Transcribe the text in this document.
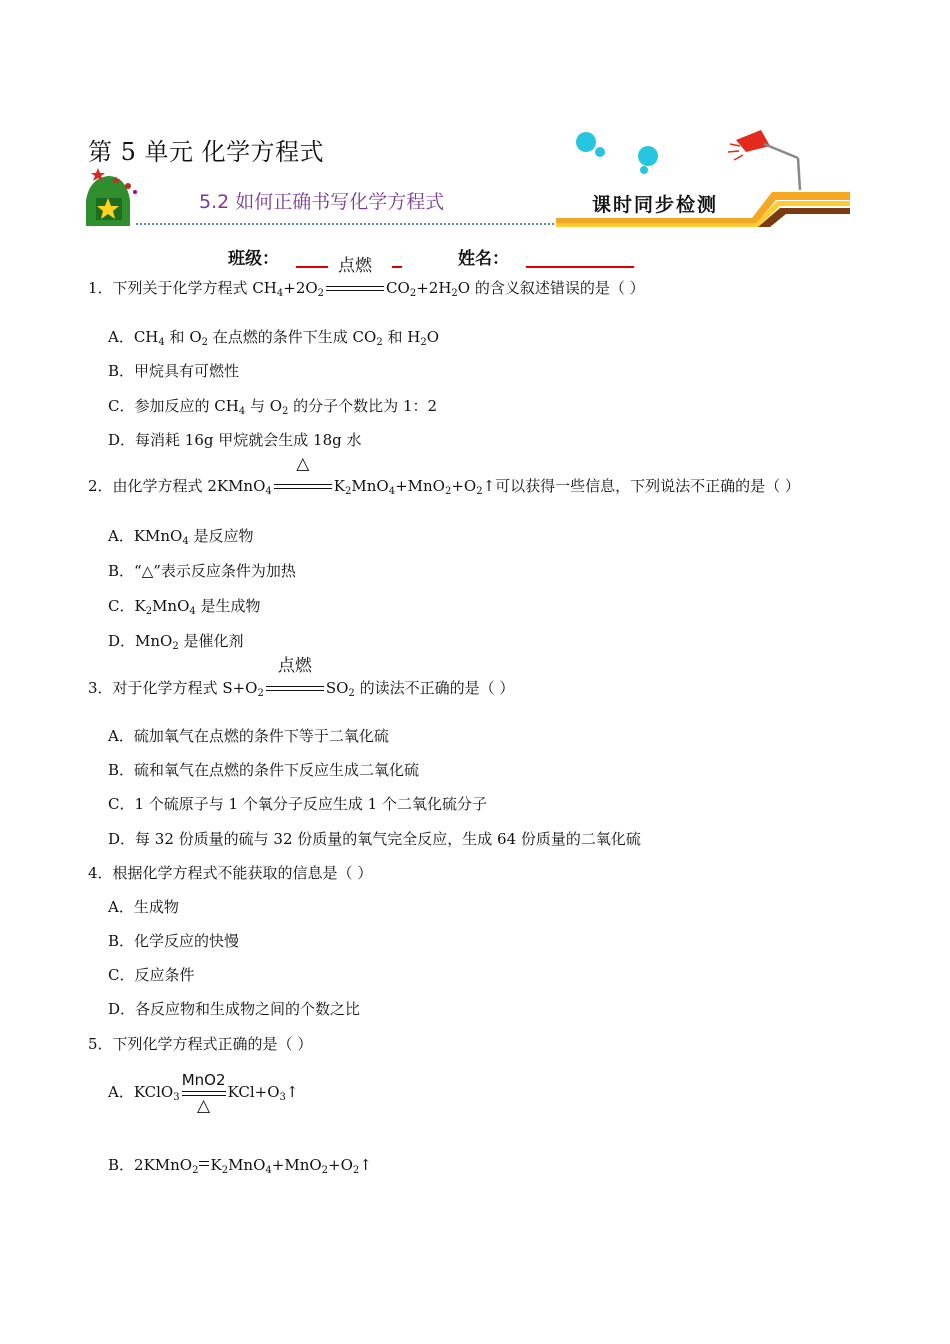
第 5 单元 化学方程式
5.2 如何正确书写化学方程式	课时同步检测
班级：	姓名：
1．下列关于化学方程式 $CH_4+2O_2$
点燃
$CO_2+2H_2O$ 的含义叙述错误的是（ ）
A．$CH_4$ 和 $O_2$ 在点燃的条件下生成 $CO_2$ 和 $H_2O$
B．甲烷具有可燃性
C．参加反应的 $CH_4$ 与 $O_2$ 的分子个数比为 1：2
D．每消耗 16g 甲烷就会生成 18g 水
2．由化学方程式 2KMnO$_4$
△
$K_2MnO_4+MnO_2+O_2↑$可以获得一些信息，下列说法不正确的是（ ）
A．KMnO$_4$ 是反应物
B．“△”表示反应条件为加热
C．$K_2MnO_4$ 是生成物
D．MnO$_2$ 是催化剂
3．对于化学方程式 $S+O_2$
点燃
$SO_2$ 的读法不正确的是（ ）
A．硫加氧气在点燃的条件下等于二氧化硫
B．硫和氧气在点燃的条件下反应生成二氧化硫
C．1 个硫原子与 1 个氧分子反应生成 1 个二氧化硫分子
D．每 32 份质量的硫与 32 份质量的氧气完全反应，生成 64 份质量的二氧化硫
4．根据化学方程式不能获取的信息是（ ）
A．生成物
B．化学反应的快慢
C．反应条件
D．各反应物和生成物之间的个数之比
5．下列化学方程式正确的是（ ）
A．KClO$_3$
MnO2
△
$KCl+O_3↑$
B．2KMnO$_2$ $K_2MnO_4+MnO_2+O_2↑$
